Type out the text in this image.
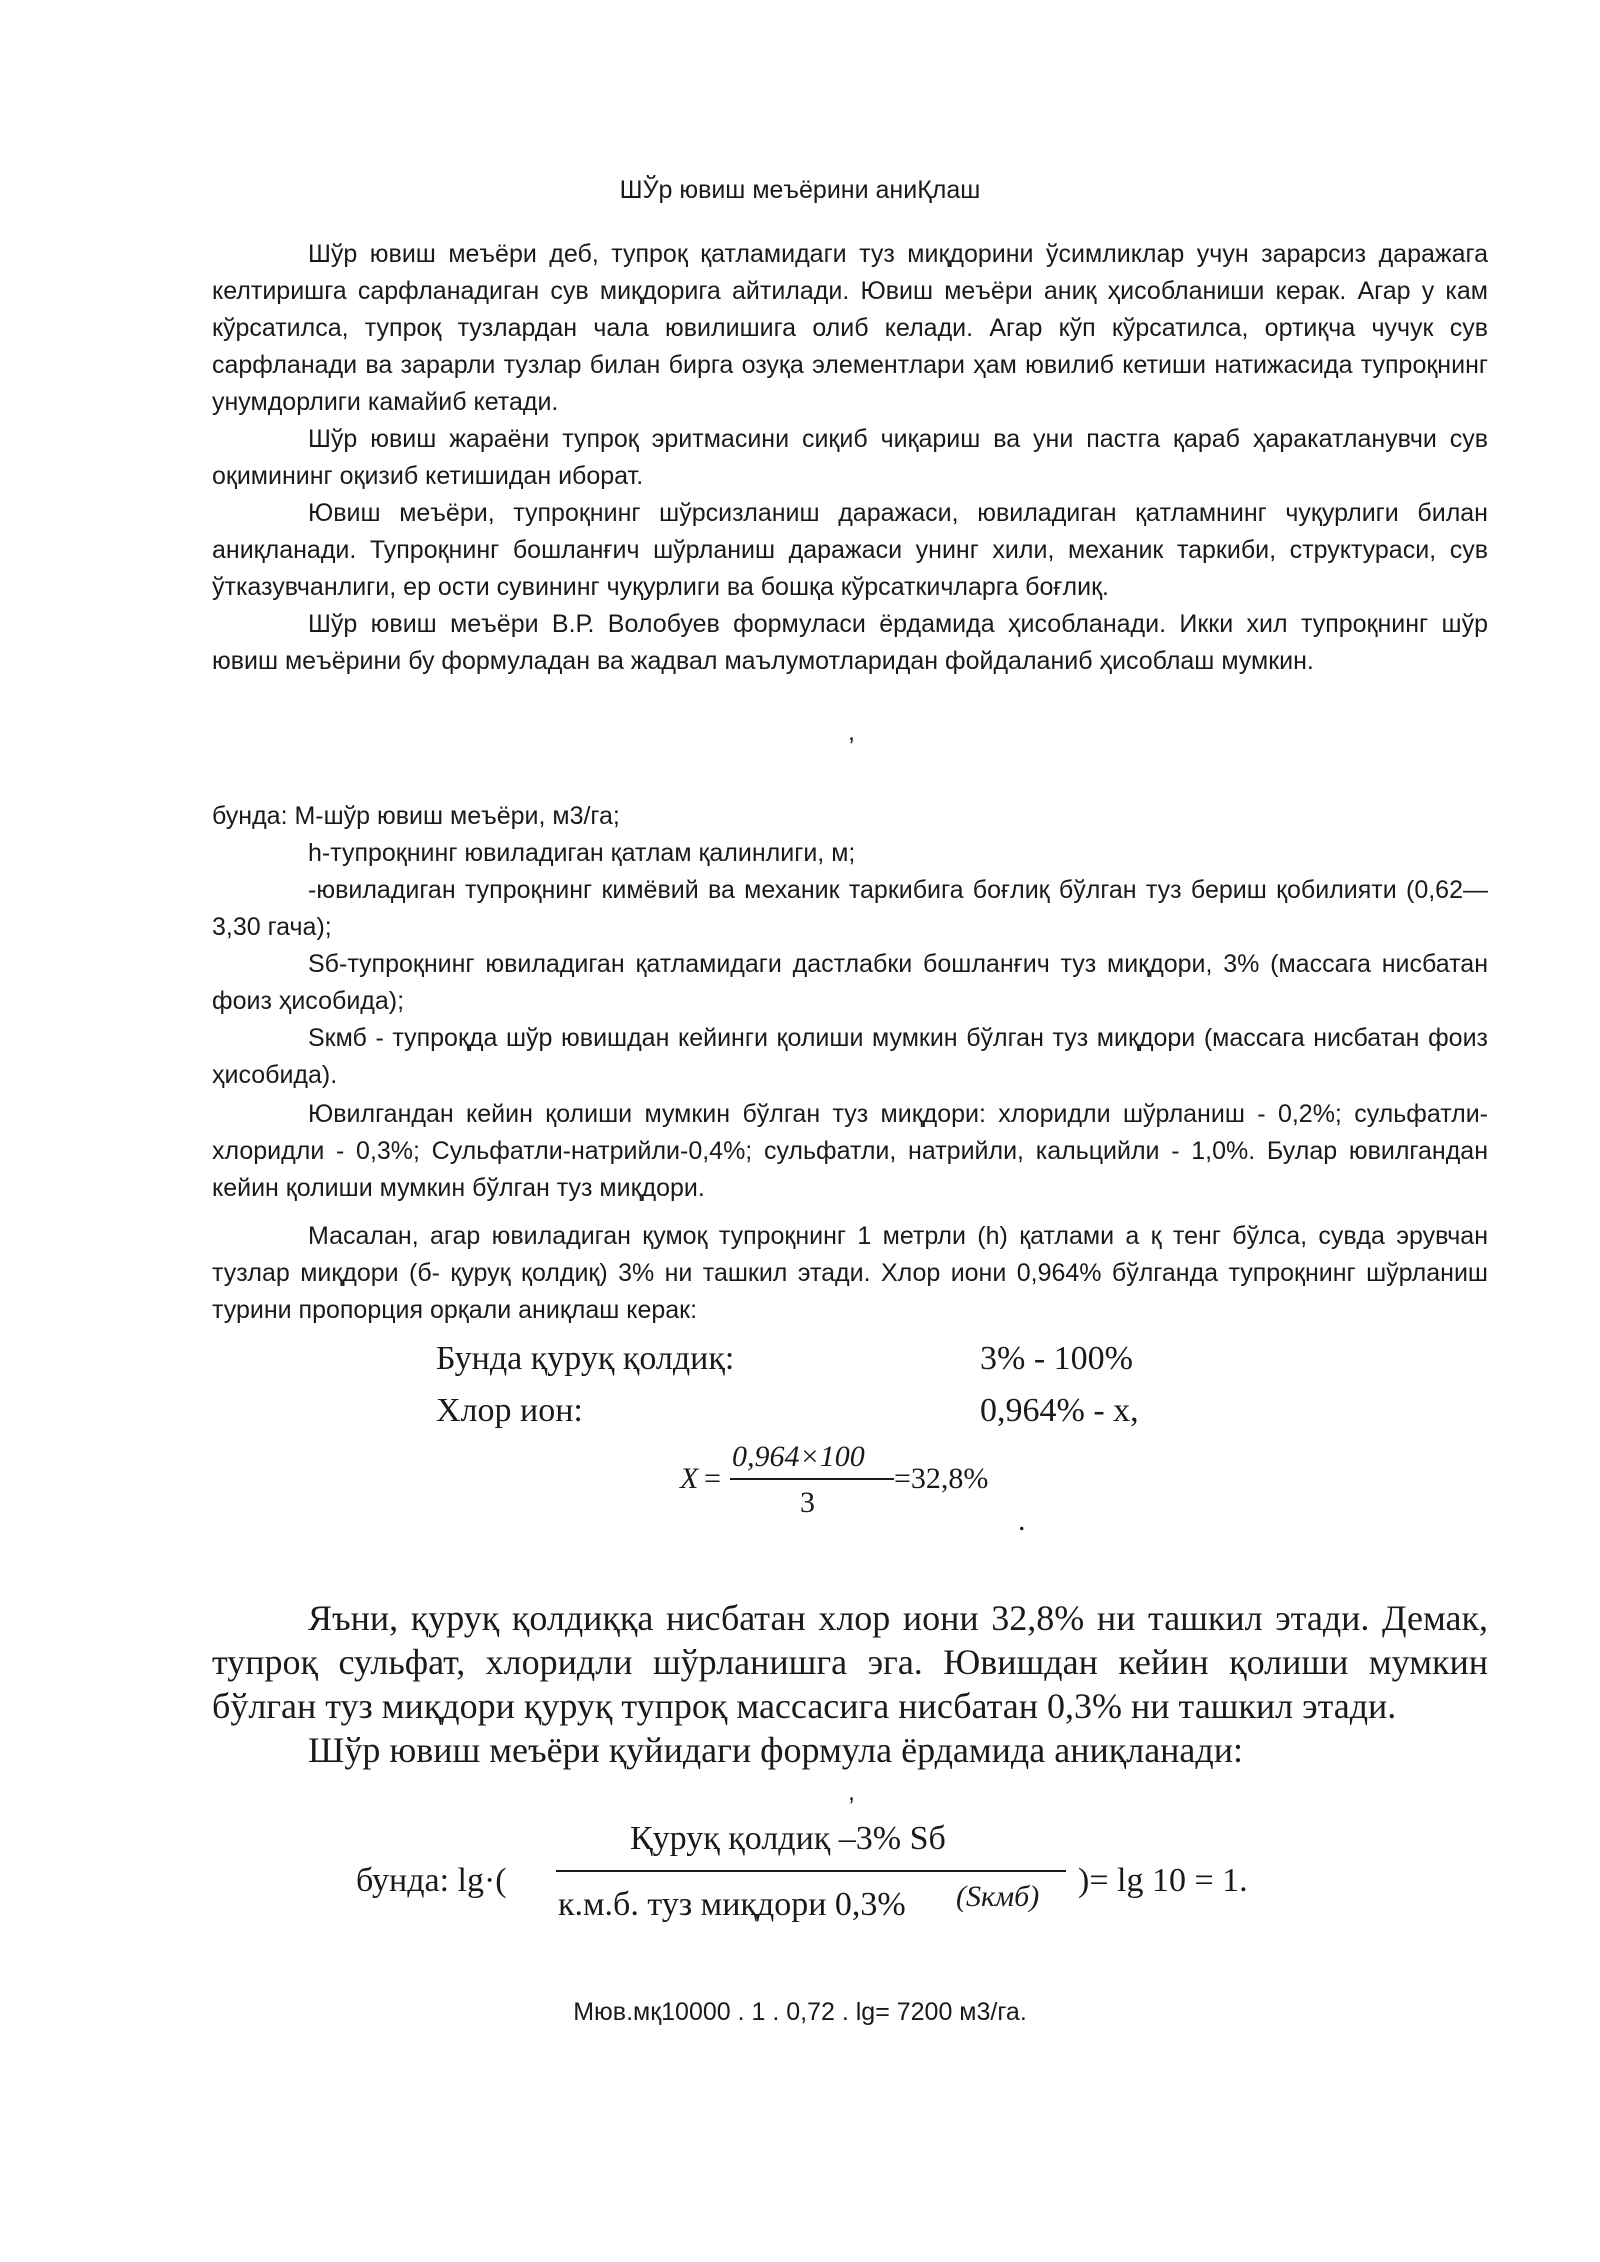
ШЎр ювиш меъёрини аниҚлаш

Шўр ювиш меъёри деб, тупроқ қатламидаги туз миқдорини ўсимликлар учун зарарсиз даражага келтиришга сарфланадиган сув миқдорига айтилади. Ювиш меъёри аниқ ҳисобланиши керак. Агар у кам кўрсатилса, тупроқ тузлардан чала ювилишига олиб келади. Агар кўп кўрсатилса, ортиқча чучук сув сарфланади ва зарарли тузлар билан бирга озуқа элементлари ҳам ювилиб кетиши натижасида тупроқнинг унумдорлиги камайиб кетади.

Шўр ювиш жараёни тупроқ эритмасини сиқиб чиқариш ва уни пастга қараб ҳаракатланувчи сув оқимининг оқизиб кетишидан иборат.

Ювиш меъёри, тупроқнинг шўрсизланиш даражаси, ювиладиган қатламнинг чуқурлиги билан аниқланади. Тупроқнинг бошланғич шўрланиш даражаси унинг хили, механик таркиби, структураси, сув ўтказувчанлиги, ер ости сувининг чуқурлиги ва бошқа кўрсаткичларга боғлиқ.

Шўр ювиш меъёри В.Р. Волобуев формуласи ёрдамида ҳисобланади. Икки хил тупроқнинг шўр ювиш меъёрини бу формуладан ва жадвал маълумотларидан фойдаланиб ҳисоблаш мумкин.

,

бунда: М-шўр ювиш меъёри, м3/га;

h-тупроқнинг ювиладиган қатлам қалинлиги, м;

-ювиладиган тупроқнинг кимёвий ва механик таркибига боғлиқ бўлган туз бериш қобилияти (0,62—3,30 гача);

Sб-тупроқнинг ювиладиган қатламидаги дастлабки бошланғич туз миқдори, 3% (массага нисбатан фоиз ҳисобида);

Sкмб - тупроқда шўр ювишдан кейинги қолиши мумкин бўлган туз миқдори (массага нисбатан фоиз ҳисобида).

Ювилгандан кейин қолиши мумкин бўлган туз миқдори: хлоридли шўрланиш - 0,2%; сульфатли-хлоридли - 0,3%; Сульфатли-натрийли-0,4%; сульфатли, натрийли, кальцийли - 1,0%. Булар ювилгандан кейин қолиши мумкин бўлган туз миқдори.

Масалан, агар ювиладиган қумоқ тупроқнинг 1 метрли (h) қатлами a қ тенг бўлса, сувда эрувчан тузлар миқдори (б- қуруқ қолдиқ) 3% ни ташкил этади. Хлор иони 0,964% бўлганда тупроқнинг шўрланиш турини пропорция орқали аниқлаш керак:

Бунда қуруқ қолдиқ:	3% - 100%
Хлор ион:	0,964% - x,
X =
0,964×100
3
=32,8%
.

Яъни, қуруқ қолдиққа нисбатан хлор иони 32,8% ни ташкил этади. Демак, тупроқ сульфат, хлоридли шўрланишга эга. Ювишдан кейин қолиши мумкин бўлган туз миқдори қуруқ тупроқ массасига нисбатан 0,3% ни ташкил этади.

Шўр ювиш меъёри қуйидаги формула ёрдамида аниқланади:

,
бунда: lg·(
Қуруқ қолдиқ –3% Sб
к.м.б. туз миқдори 0,3% (Sкмб) )= lg 10 = 1.
Мюв.мқ10000 . 1 . 0,72 . lg= 7200 м3/га.
